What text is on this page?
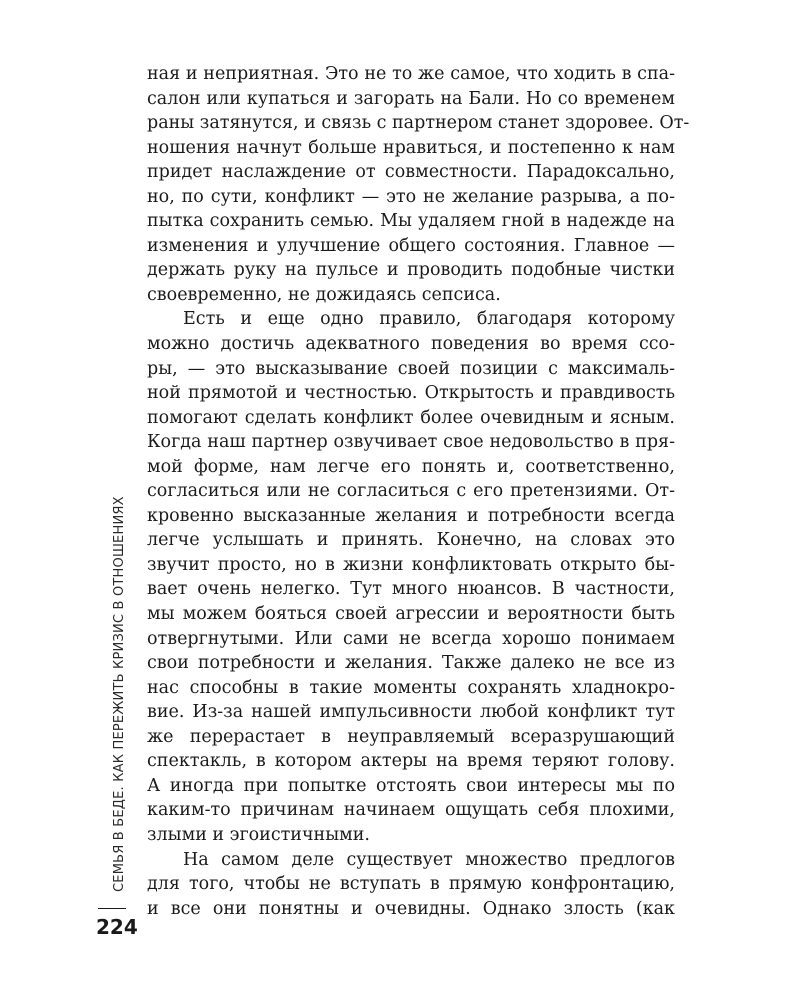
ная и неприятная. Это не то же самое, что ходить в спа-
салон или купаться и загорать на Бали. Но со временем
раны затянутся, и связь с партнером станет здоровее. От-
ношения начнут больше нравиться, и постепенно к нам
придет наслаждение от совместности. Парадоксально,
но, по сути, конфликт — это не желание разрыва, а по-
пытка сохранить семью. Мы удаляем гной в надежде на
изменения и улучшение общего состояния. Главное —
держать руку на пульсе и проводить подобные чистки
своевременно, не дожидаясь сепсиса.
Есть и еще одно правило, благодаря которому
можно достичь адекватного поведения во время ссо-
ры, — это высказывание своей позиции с максималь-
ной прямотой и честностью. Открытость и правдивость
помогают сделать конфликт более очевидным и ясным.
Когда наш партнер озвучивает свое недовольство в пря-
мой форме, нам легче его понять и, соответственно,
согласиться или не согласиться с его претензиями. От-
кровенно высказанные желания и потребности всегда
легче услышать и принять. Конечно, на словах это
звучит просто, но в жизни конфликтовать открыто бы-
вает очень нелегко. Тут много нюансов. В частности,
мы можем бояться своей агрессии и вероятности быть
отвергнутыми. Или сами не всегда хорошо понимаем
свои потребности и желания. Также далеко не все из
нас способны в такие моменты сохранять хладнокро-
вие. Из-за нашей импульсивности любой конфликт тут
же перерастает в неуправляемый всеразрушающий
спектакль, в котором актеры на время теряют голову.
А иногда при попытке отстоять свои интересы мы по
каким-то причинам начинаем ощущать себя плохими,
злыми и эгоистичными.
На самом деле существует множество предлогов
для того, чтобы не вступать в прямую конфронтацию,
и все они понятны и очевидны. Однако злость (как
СЕМЬЯ В БЕДЕ. КАК ПЕРЕЖИТЬ КРИЗИС В ОТНОШЕНИЯХ
224
